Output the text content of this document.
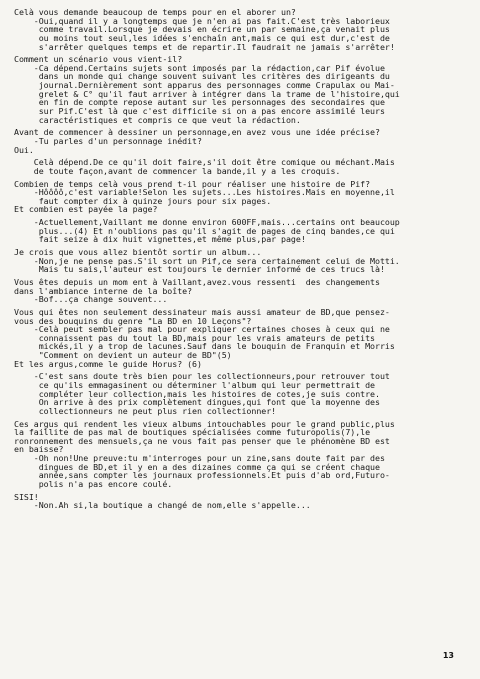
Celà vous demande beaucoup de temps pour en el aborer un?
-Oui,quand il y a longtemps que je n'en ai pas fait.C'est très laborieux
comme travail.Lorsque je devais en écrire un par semaine,ça venait plus
ou moins tout seul,les idées s'enchaîn ant,mais ce qui est dur,c'est de
s'arrêter quelques temps et de repartir.Il faudrait ne jamais s'arrêter!
Comment un scénario vous vient-il?
-Ca dépend.Certains sujets sont imposés par la rédaction,car Pif évolue
dans un monde qui change souvent suivant les critères des dirigeants du
journal.Dernièrement sont apparus des personnages comme Crapulax ou Mai-
grelet & C° qu'il faut arriver à intégrer dans la trame de l'histoire,qui
en fin de compte repose autant sur les personnages des secondaires que
sur Pif.C'est là que c'est difficile si on a pas encore assimilé leurs
caractéristiques et compris ce que veut la rédaction.
Avant de commencer à dessiner un personnage,en avez vous une idée précise?
-Tu parles d'un personnage inédit?
Oui.
Celà dépend.De ce qu'il doit faire,s'il doit être comique ou méchant.Mais
de toute façon,avant de commencer la bande,il y a les croquis.
Combien de temps celà vous prend t-il pour réaliser une histoire de Pif?
-Hôôôô,c'est variable!Selon les sujets...Les histoires.Mais en moyenne,il
faut compter dix à quinze jours pour six pages.
Et combien est payée la page?
-Actuellement,Vaillant me donne environ 600FF,mais...certains ont beaucoup
plus...(4) Et n'oublions pas qu'il s'agit de pages de cinq bandes,ce qui
fait seize à dix huit vignettes,et même plus,par page!
Je crois que vous allez bientôt sortir un album...
-Non,je ne pense pas.S'il sort un Pif,ce sera certainement celui de Motti.
Mais tu sais,l'auteur est toujours le dernier informé de ces trucs là!
Vous êtes depuis un mom ent à Vaillant,avez.vous ressenti  des changements
dans l'ambiance interne de la boîte?
-Bof...ça change souvent...
Vous qui êtes non seulement dessinateur mais aussi amateur de BD,que pensez-
vous des bouquins du genre "La BD en 10 Leçons"?
-Celà peut sembler pas mal pour expliquer certaines choses à ceux qui ne
connaissent pas du tout la BD,mais pour les vrais amateurs de petits
mickés,il y a trop de lacunes.Sauf dans le bouquin de Franquin et Morris
"Comment on devient un auteur de BD"(5)
Et les argus,comme le guide Horus? (6)
-C'est sans doute très bien pour les collectionneurs,pour retrouver tout
ce qu'ils emmagasinent ou déterminer l'album qui leur permettrait de
compléter leur collection,mais les histoires de cotes,je suis contre.
On arrive à des prix complètement dingues,qui font que la moyenne des
collectionneurs ne peut plus rien collectionner!
Ces argus qui rendent les vieux albums intouchables pour le grand public,plus
la faillite de pas mal de boutiques spécialisées comme futuropolis(7),le
ronronnement des mensuels,ça ne vous fait pas penser que le phénomène BD est
en baisse?
-Oh non!Une preuve:tu m'interroges pour un zine,sans doute fait par des
dingues de BD,et il y en a des dizaines comme ça qui se créent chaque
année,sans compter les journaux professionnels.Et puis d'ab ord,Futuro-
polis n'a pas encore coulé.
SISI!
-Non.Ah si,la boutique a changé de nom,elle s'appelle...
13
